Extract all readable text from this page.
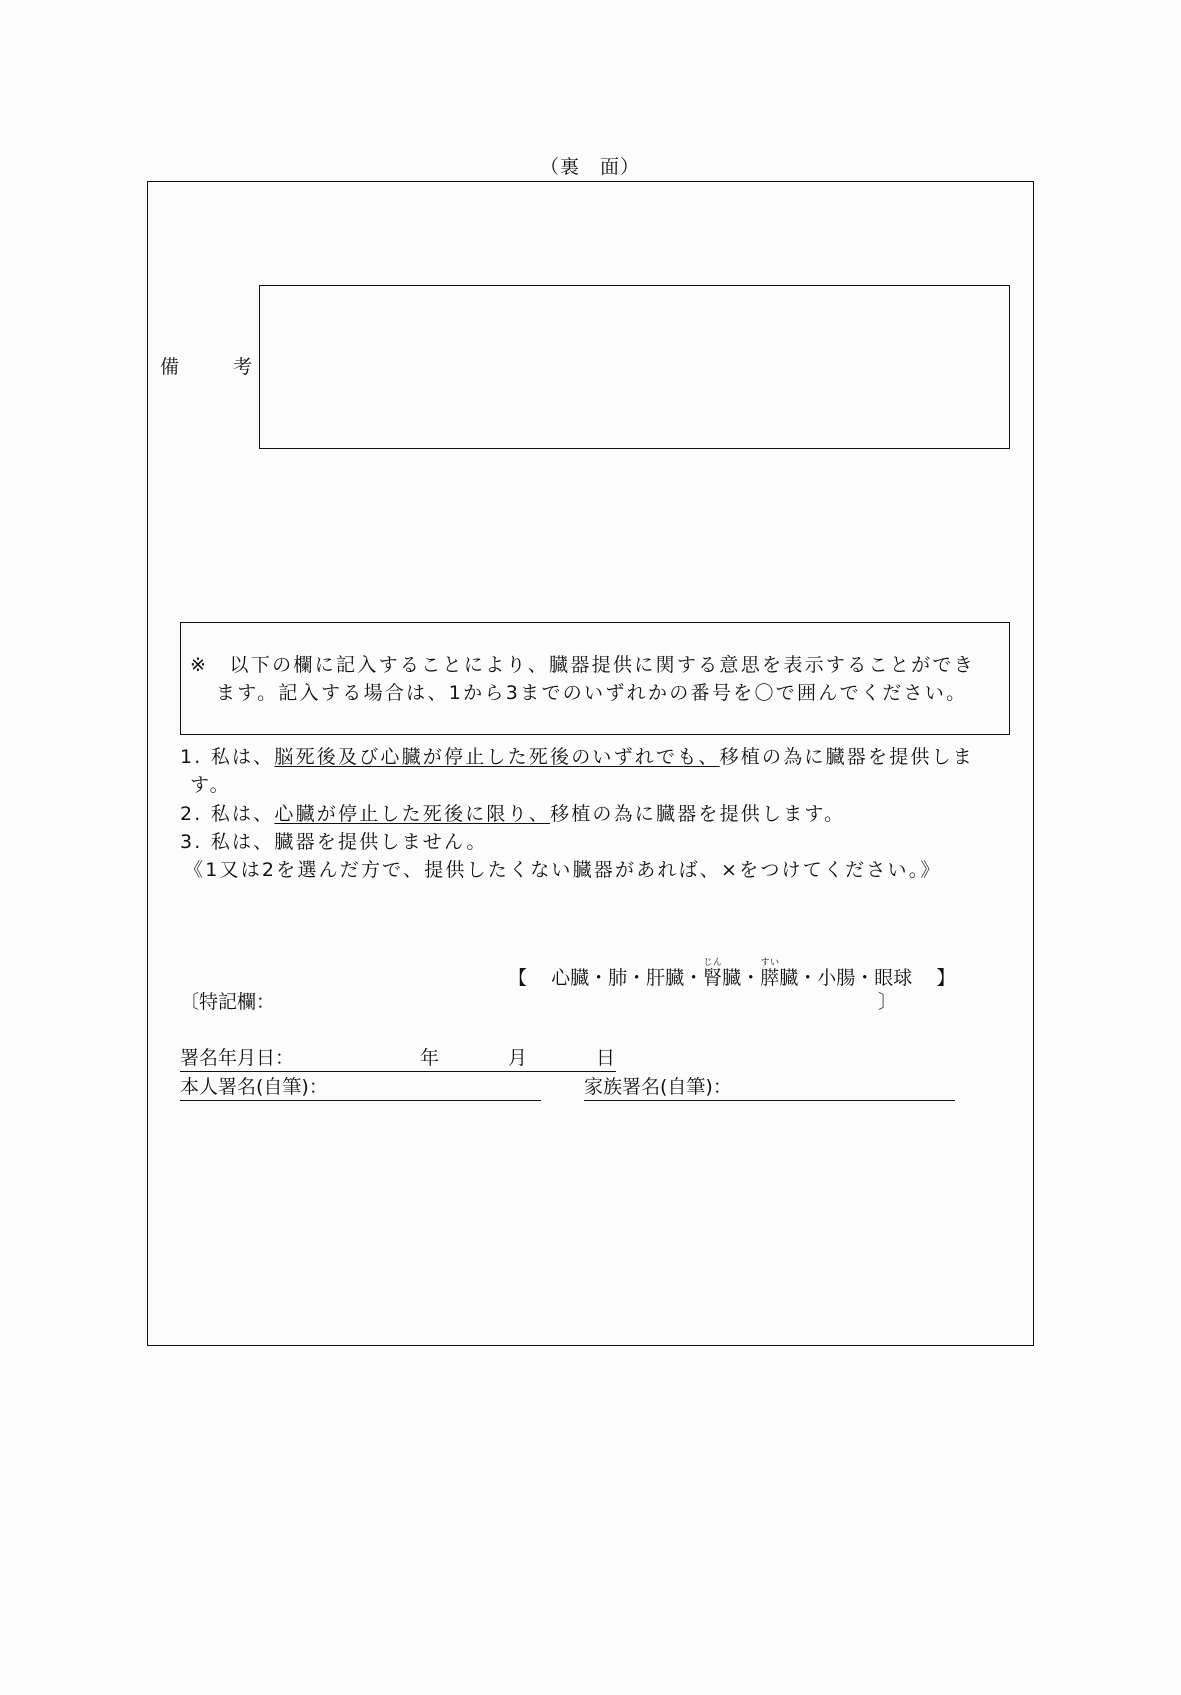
（裏　面）
備	考
※　以下の欄に記入することにより、臓器提供に関する意思を表示することができ
ます。記入する場合は、1から3までのいずれかの番号を〇で囲んでください。
1. 私は、脳死後及び心臓が停止した死後のいずれでも、移植の為に臓器を提供しま
す。
2. 私は、心臓が停止した死後に限り、移植の為に臓器を提供します。
3. 私は、臓器を提供しません。
《1又は2を選んだ方で、提供したくない臓器があれば、×をつけてください。》
【 心臓・肺・肝臓・腎じん臓・膵すい臓・小腸・眼球 】
〔特記欄：	〕
署名年月日：	年	月	日
本人署名(自筆)：	家族署名(自筆)：
